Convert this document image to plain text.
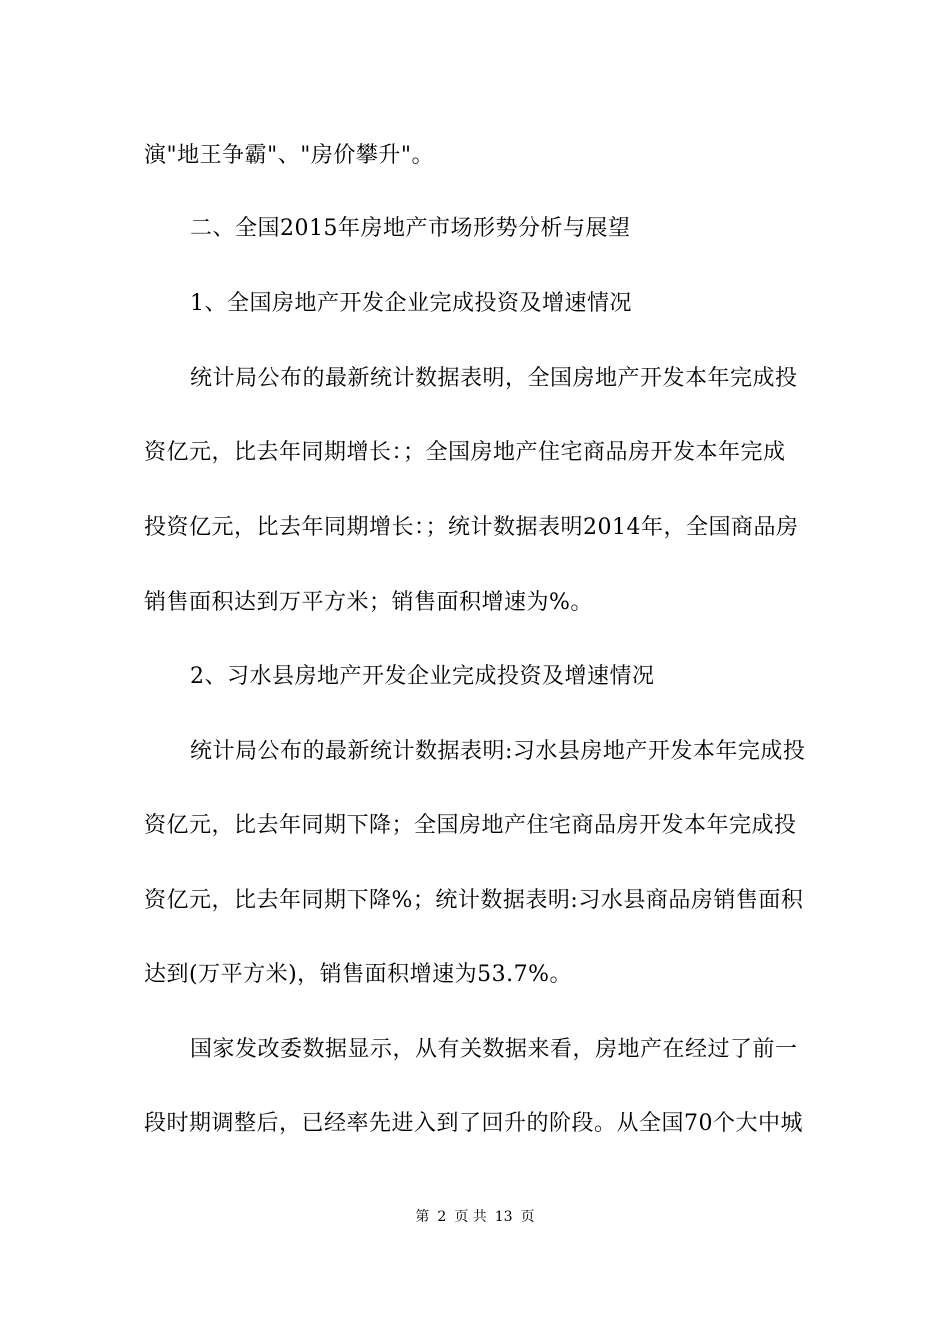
演"地王争霸"、"房价攀升"。
二、全国2015年房地产市场形势分析与展望
1、全国房地产开发企业完成投资及增速情况
统计局公布的最新统计数据表明，全国房地产开发本年完成投
资亿元，比去年同期增长：；全国房地产住宅商品房开发本年完成
投资亿元，比去年同期增长：；统计数据表明2014年，全国商品房
销售面积达到万平方米；销售面积增速为%。
2、习水县房地产开发企业完成投资及增速情况
统计局公布的最新统计数据表明:习水县房地产开发本年完成投
资亿元，比去年同期下降；全国房地产住宅商品房开发本年完成投
资亿元，比去年同期下降%；统计数据表明:习水县商品房销售面积
达到(万平方米)，销售面积增速为53.7%。
国家发改委数据显示，从有关数据来看，房地产在经过了前一
段时期调整后，已经率先进入到了回升的阶段。从全国70个大中城
第 2 页 共 13 页
